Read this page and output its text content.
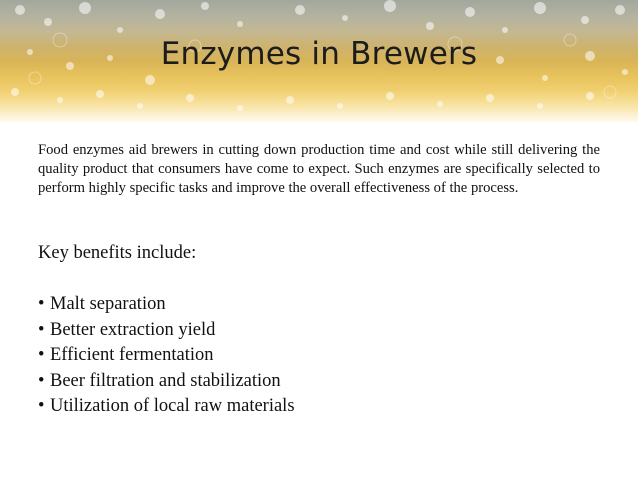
Enzymes in Brewers

Food enzymes aid brewers in cutting down production time and cost while still delivering the quality product that consumers have come to expect. Such enzymes are specifically selected to perform highly specific tasks and improve the overall effectiveness of the process.

Key benefits include:

• Malt separation
• Better extraction yield
• Efficient fermentation
• Beer filtration and stabilization
• Utilization of local raw materials
